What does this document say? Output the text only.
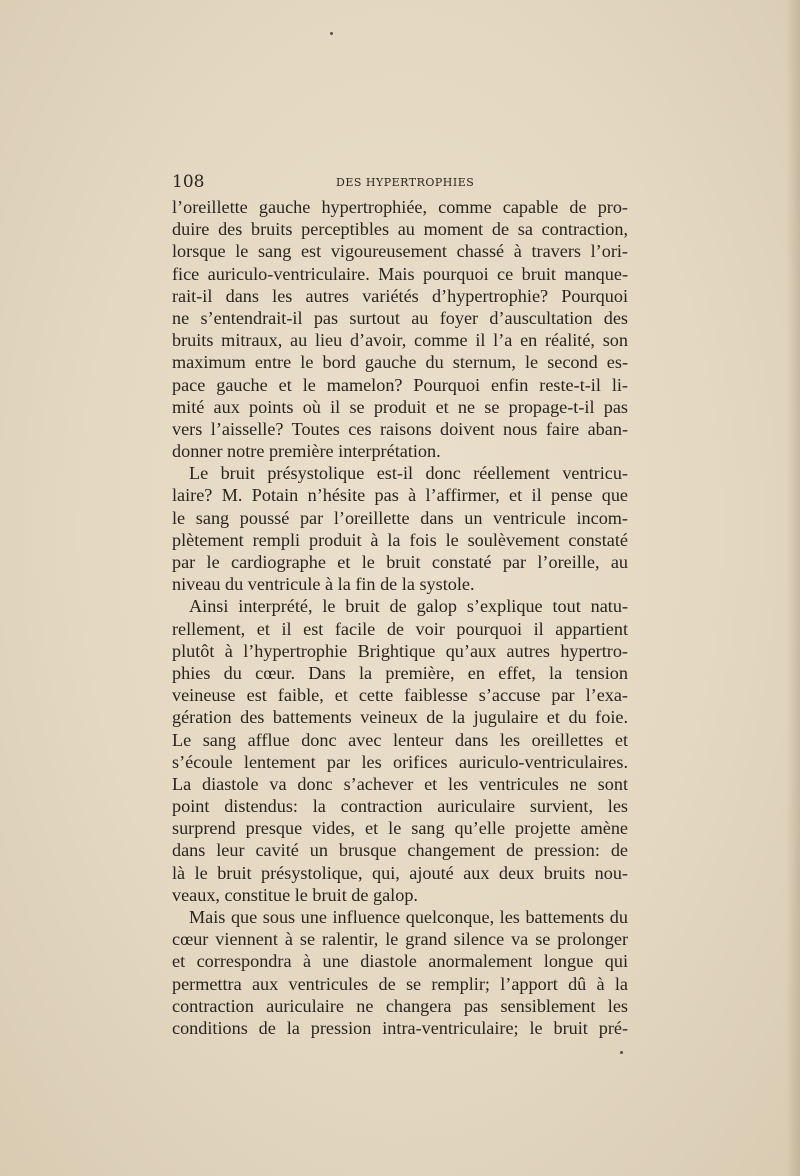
108	DES HYPERTROPHIES
l’oreillette gauche hypertrophiée, comme capable de pro-
duire des bruits perceptibles au moment de sa contraction,
lorsque le sang est vigoureusement chassé à travers l’ori-
fice auriculo-ventriculaire. Mais pourquoi ce bruit manque-
rait-il dans les autres variétés d’hypertrophie? Pourquoi
ne s’entendrait-il pas surtout au foyer d’auscultation des
bruits mitraux, au lieu d’avoir, comme il l’a en réalité, son
maximum entre le bord gauche du sternum, le second es-
pace gauche et le mamelon? Pourquoi enfin reste-t-il li-
mité aux points où il se produit et ne se propage-t-il pas
vers l’aisselle? Toutes ces raisons doivent nous faire aban-
donner notre première interprétation.
Le bruit présystolique est-il donc réellement ventricu-
laire? M. Potain n’hésite pas à l’affirmer, et il pense que
le sang poussé par l’oreillette dans un ventricule incom-
plètement rempli produit à la fois le soulèvement constaté
par le cardiographe et le bruit constaté par l’oreille, au
niveau du ventricule à la fin de la systole.
Ainsi interprété, le bruit de galop s’explique tout natu-
rellement, et il est facile de voir pourquoi il appartient
plutôt à l’hypertrophie Brightique qu’aux autres hypertro-
phies du cœur. Dans la première, en effet, la tension
veineuse est faible, et cette faiblesse s’accuse par l’exa-
gération des battements veineux de la jugulaire et du foie.
Le sang afflue donc avec lenteur dans les oreillettes et
s’écoule lentement par les orifices auriculo-ventriculaires.
La diastole va donc s’achever et les ventricules ne sont
point distendus: la contraction auriculaire survient, les
surprend presque vides, et le sang qu’elle projette amène
dans leur cavité un brusque changement de pression: de
là le bruit présystolique, qui, ajouté aux deux bruits nou-
veaux, constitue le bruit de galop.
Mais que sous une influence quelconque, les battements du
cœur viennent à se ralentir, le grand silence va se prolonger
et correspondra à une diastole anormalement longue qui
permettra aux ventricules de se remplir; l’apport dû à la
contraction auriculaire ne changera pas sensiblement les
conditions de la pression intra-ventriculaire; le bruit pré-
